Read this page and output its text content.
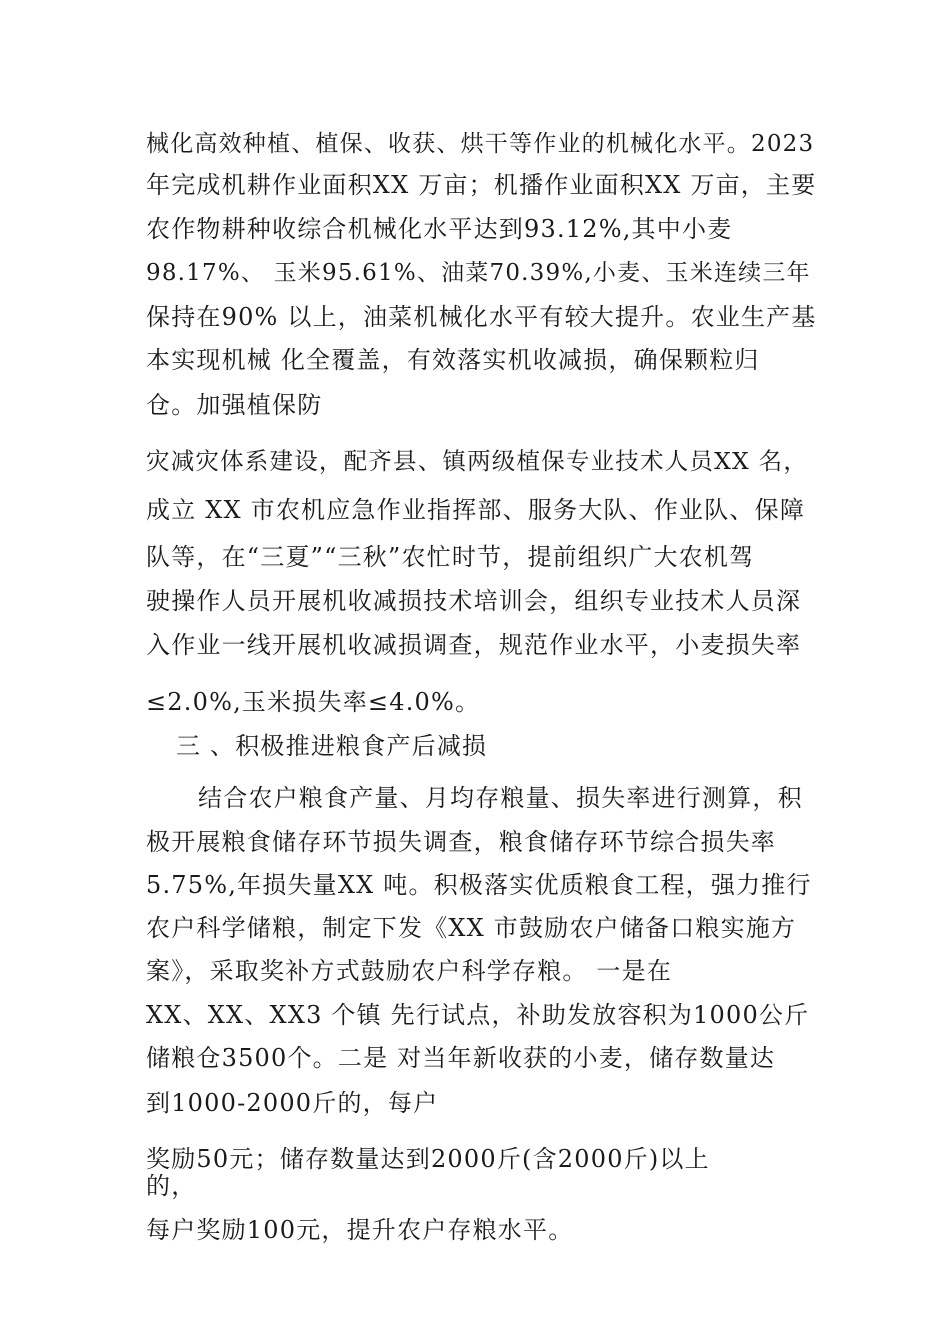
械化高效种植、植保、收获、烘干等作业的机械化水平。2023

年完成机耕作业面积XX 万亩；机播作业面积XX 万亩，主要

农作物耕种收综合机械化水平达到93.12%,其中小麦

98.17%、 玉米95.61%、油菜70.39%,小麦、玉米连续三年

保持在90% 以上，油菜机械化水平有较大提升。农业生产基

本实现机械 化全覆盖，有效落实机收减损，确保颗粒归

仓。加强植保防

灾减灾体系建设，配齐县、镇两级植保专业技术人员XX 名，

成立 XX 市农机应急作业指挥部、服务大队、作业队、保障

队等，在“三夏”“三秋”农忙时节，提前组织广大农机驾

驶操作人员开展机收减损技术培训会，组织专业技术人员深

入作业一线开展机收减损调查，规范作业水平，小麦损失率

≤2.0%,玉米损失率≤4.0%。

三 、积极推进粮食产后减损

结合农户粮食产量、月均存粮量、损失率进行测算，积

极开展粮食储存环节损失调查，粮食储存环节综合损失率

5.75%,年损失量XX 吨。积极落实优质粮食工程，强力推行

农户科学储粮，制定下发《XX 市鼓励农户储备口粮实施方

案》，采取奖补方式鼓励农户科学存粮。 一是在

XX、XX、XX3 个镇 先行试点，补助发放容积为1000公斤

储粮仓3500个。二是 对当年新收获的小麦，储存数量达

到1000-2000斤的，每户

奖励50元；储存数量达到2000斤(含2000斤)以上

的，

每户奖励100元，提升农户存粮水平。
